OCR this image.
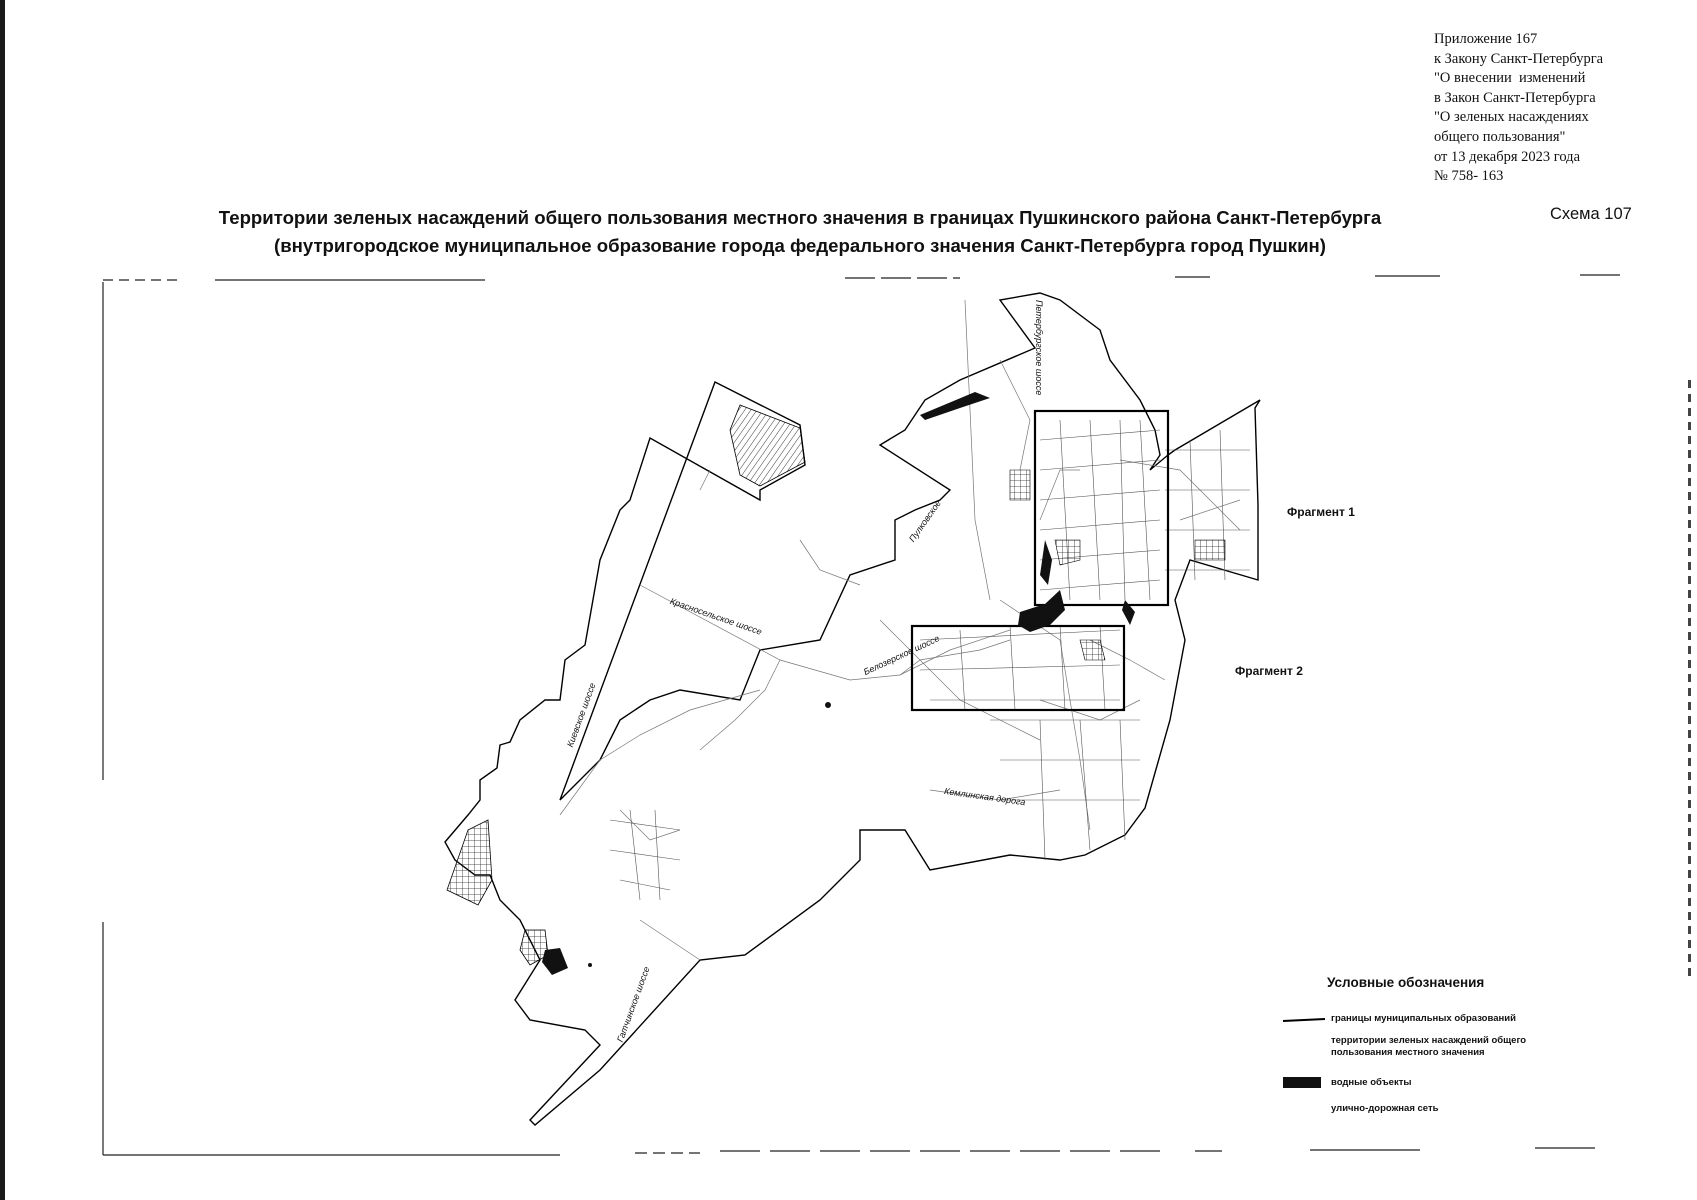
Приложение 167
к Закону Санкт-Петербурга
"О внесении  изменений
в Закон Санкт-Петербурга
"О зеленых насаждениях
общего пользования"
от 13 декабря 2023 года
№ 758- 163
Территории зеленых насаждений общего пользования местного значения в границах Пушкинского района Санкт-Петербурга
(внутригородское муниципальное образование города федерального значения Санкт-Петербурга город Пушкин)
Схема 107
Красносельское шоссе
Киевское шоссе
Гатчинское шоссе
Белозерское шоссе
Петербургское шоссе
Пулковское
Кемлинская дорога
Фрагмент 1
Фрагмент 2
Условные обозначения
границы муниципальных образований
территории зеленых насаждений общего пользования местного значения
водные объекты
улично-дорожная сеть
